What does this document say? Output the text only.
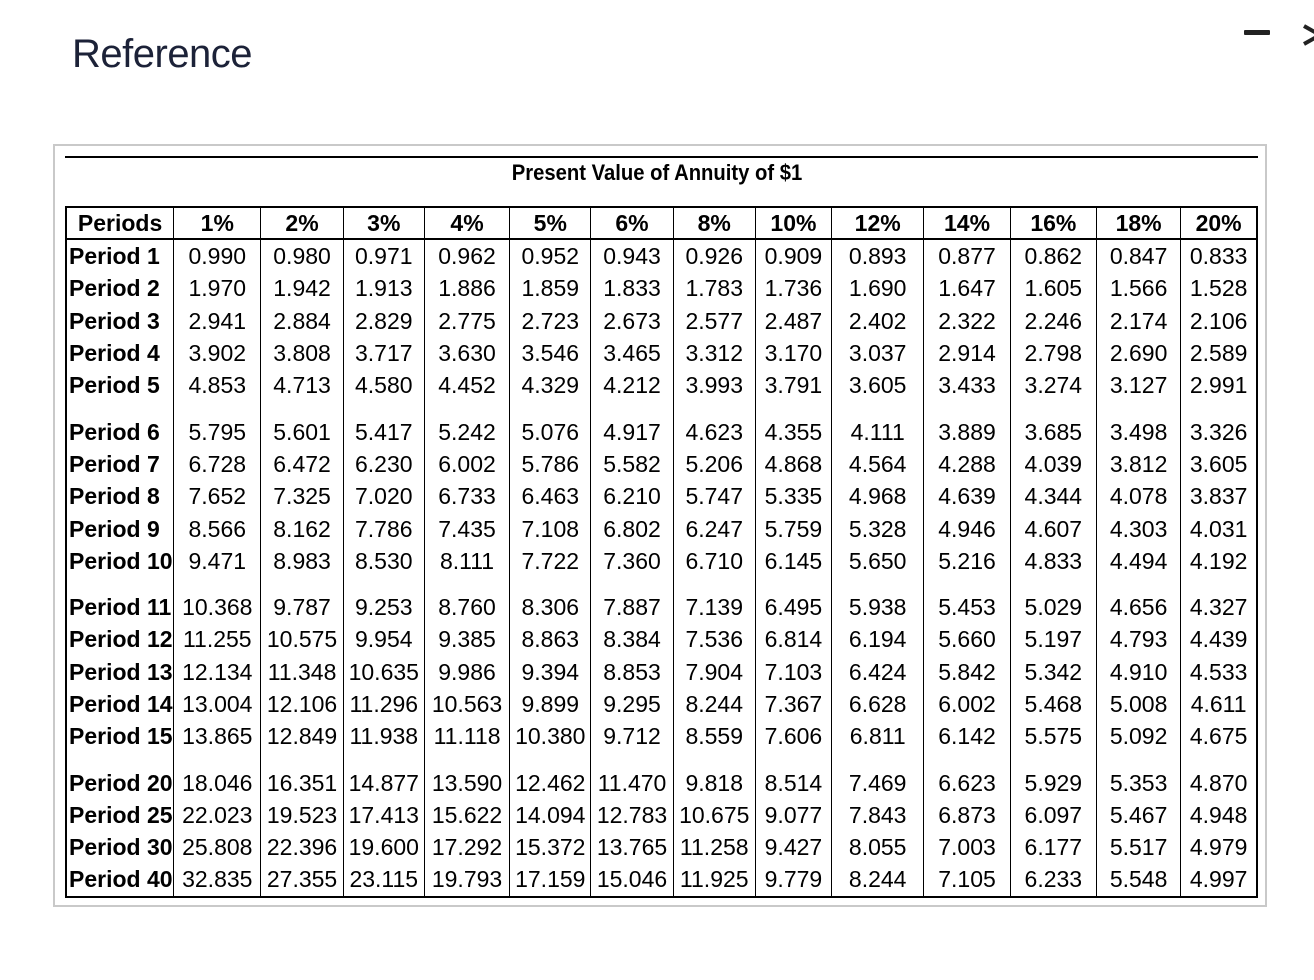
Reference
Present Value of Annuity of $1
Periods	1%	2%	3%	4%	5%	6%	8%	10%	12%	14%	16%	18%	20%
Period 1	0.990	0.980	0.971	0.962	0.952	0.943	0.926	0.909	0.893	0.877	0.862	0.847	0.833
Period 2	1.970	1.942	1.913	1.886	1.859	1.833	1.783	1.736	1.690	1.647	1.605	1.566	1.528
Period 3	2.941	2.884	2.829	2.775	2.723	2.673	2.577	2.487	2.402	2.322	2.246	2.174	2.106
Period 4	3.902	3.808	3.717	3.630	3.546	3.465	3.312	3.170	3.037	2.914	2.798	2.690	2.589
Period 5	4.853	4.713	4.580	4.452	4.329	4.212	3.993	3.791	3.605	3.433	3.274	3.127	2.991

Period 6	5.795	5.601	5.417	5.242	5.076	4.917	4.623	4.355	4.111	3.889	3.685	3.498	3.326
Period 7	6.728	6.472	6.230	6.002	5.786	5.582	5.206	4.868	4.564	4.288	4.039	3.812	3.605
Period 8	7.652	7.325	7.020	6.733	6.463	6.210	5.747	5.335	4.968	4.639	4.344	4.078	3.837
Period 9	8.566	8.162	7.786	7.435	7.108	6.802	6.247	5.759	5.328	4.946	4.607	4.303	4.031
Period 10	9.471	8.983	8.530	8.111	7.722	7.360	6.710	6.145	5.650	5.216	4.833	4.494	4.192

Period 11	10.368	9.787	9.253	8.760	8.306	7.887	7.139	6.495	5.938	5.453	5.029	4.656	4.327
Period 12	11.255	10.575	9.954	9.385	8.863	8.384	7.536	6.814	6.194	5.660	5.197	4.793	4.439
Period 13	12.134	11.348	10.635	9.986	9.394	8.853	7.904	7.103	6.424	5.842	5.342	4.910	4.533
Period 14	13.004	12.106	11.296	10.563	9.899	9.295	8.244	7.367	6.628	6.002	5.468	5.008	4.611
Period 15	13.865	12.849	11.938	11.118	10.380	9.712	8.559	7.606	6.811	6.142	5.575	5.092	4.675

Period 20	18.046	16.351	14.877	13.590	12.462	11.470	9.818	8.514	7.469	6.623	5.929	5.353	4.870
Period 25	22.023	19.523	17.413	15.622	14.094	12.783	10.675	9.077	7.843	6.873	6.097	5.467	4.948
Period 30	25.808	22.396	19.600	17.292	15.372	13.765	11.258	9.427	8.055	7.003	6.177	5.517	4.979
Period 40	32.835	27.355	23.115	19.793	17.159	15.046	11.925	9.779	8.244	7.105	6.233	5.548	4.997
